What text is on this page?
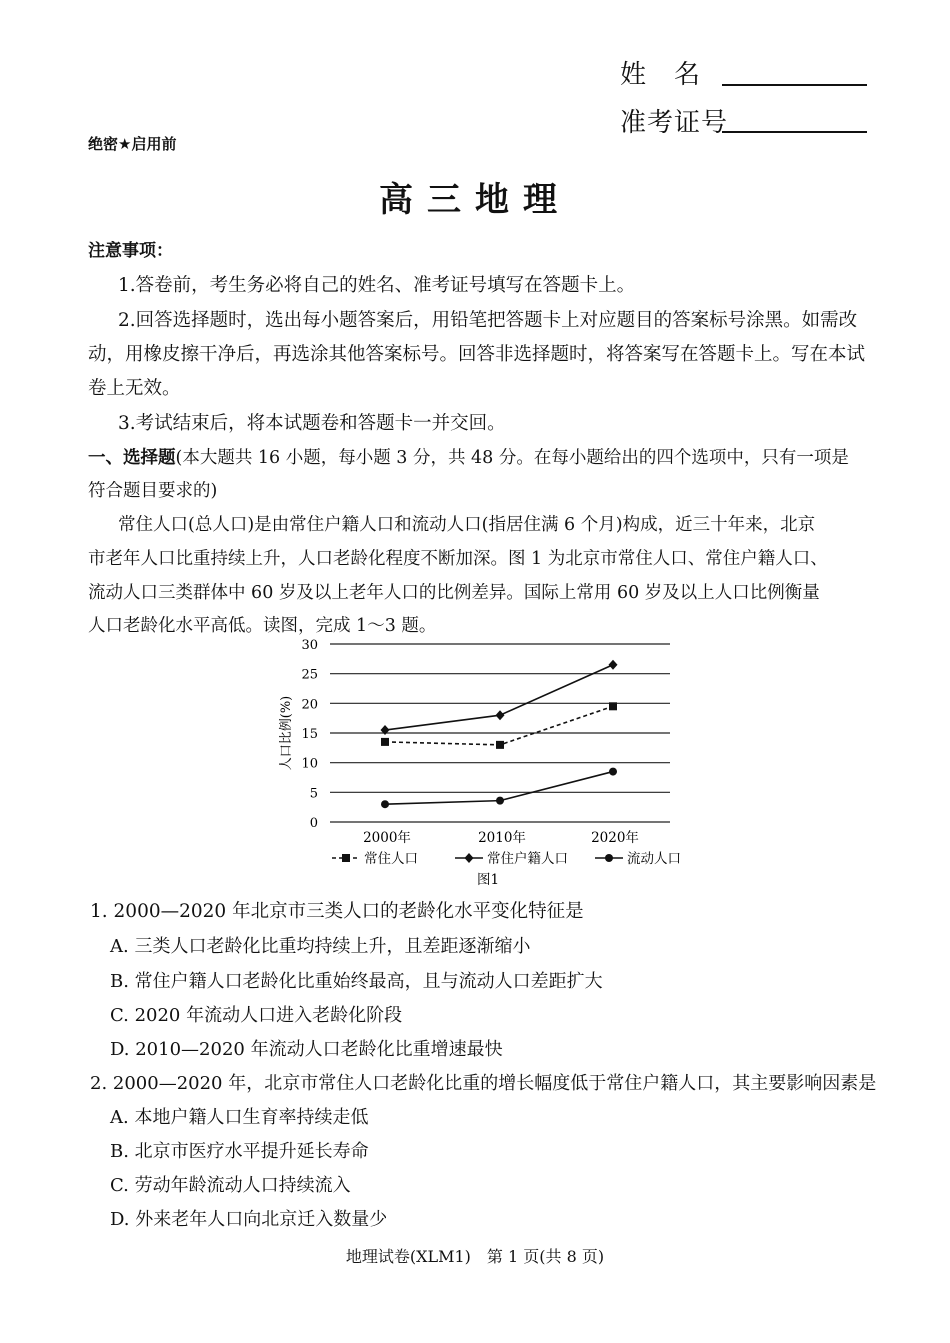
姓　名
准考证号
绝密★启用前
高三地理
注意事项：
1.答卷前，考生务必将自己的姓名、准考证号填写在答题卡上。
2.回答选择题时，选出每小题答案后，用铅笔把答题卡上对应题目的答案标号涂黑。如需改
动，用橡皮擦干净后，再选涂其他答案标号。回答非选择题时，将答案写在答题卡上。写在本试
卷上无效。
3.考试结束后，将本试题卷和答题卡一并交回。
一、选择题(本大题共 16 小题，每小题 3 分，共 48 分。在每小题给出的四个选项中，只有一项是
符合题目要求的)
常住人口(总人口)是由常住户籍人口和流动人口(指居住满 6 个月)构成，近三十年来，北京
市老年人口比重持续上升，人口老龄化程度不断加深。图 1 为北京市常住人口、常住户籍人口、
流动人口三类群体中 60 岁及以上老年人口的比例差异。国际上常用 60 岁及以上人口比例衡量
人口老龄化水平高低。读图，完成 1～3 题。
0
5
10
15
20
25
30
人口比例(%)
2000年	2010年	2020年
常住人口	常住户籍人口	流动人口
图1
1. 2000—2020 年北京市三类人口的老龄化水平变化特征是
A. 三类人口老龄化比重均持续上升，且差距逐渐缩小
B. 常住户籍人口老龄化比重始终最高，且与流动人口差距扩大
C. 2020 年流动人口进入老龄化阶段
D. 2010—2020 年流动人口老龄化比重增速最快
2. 2000—2020 年，北京市常住人口老龄化比重的增长幅度低于常住户籍人口，其主要影响因素是
A. 本地户籍人口生育率持续走低
B. 北京市医疗水平提升延长寿命
C. 劳动年龄流动人口持续流入
D. 外来老年人口向北京迁入数量少
地理试卷(XLM1)　第 1 页(共 8 页)
